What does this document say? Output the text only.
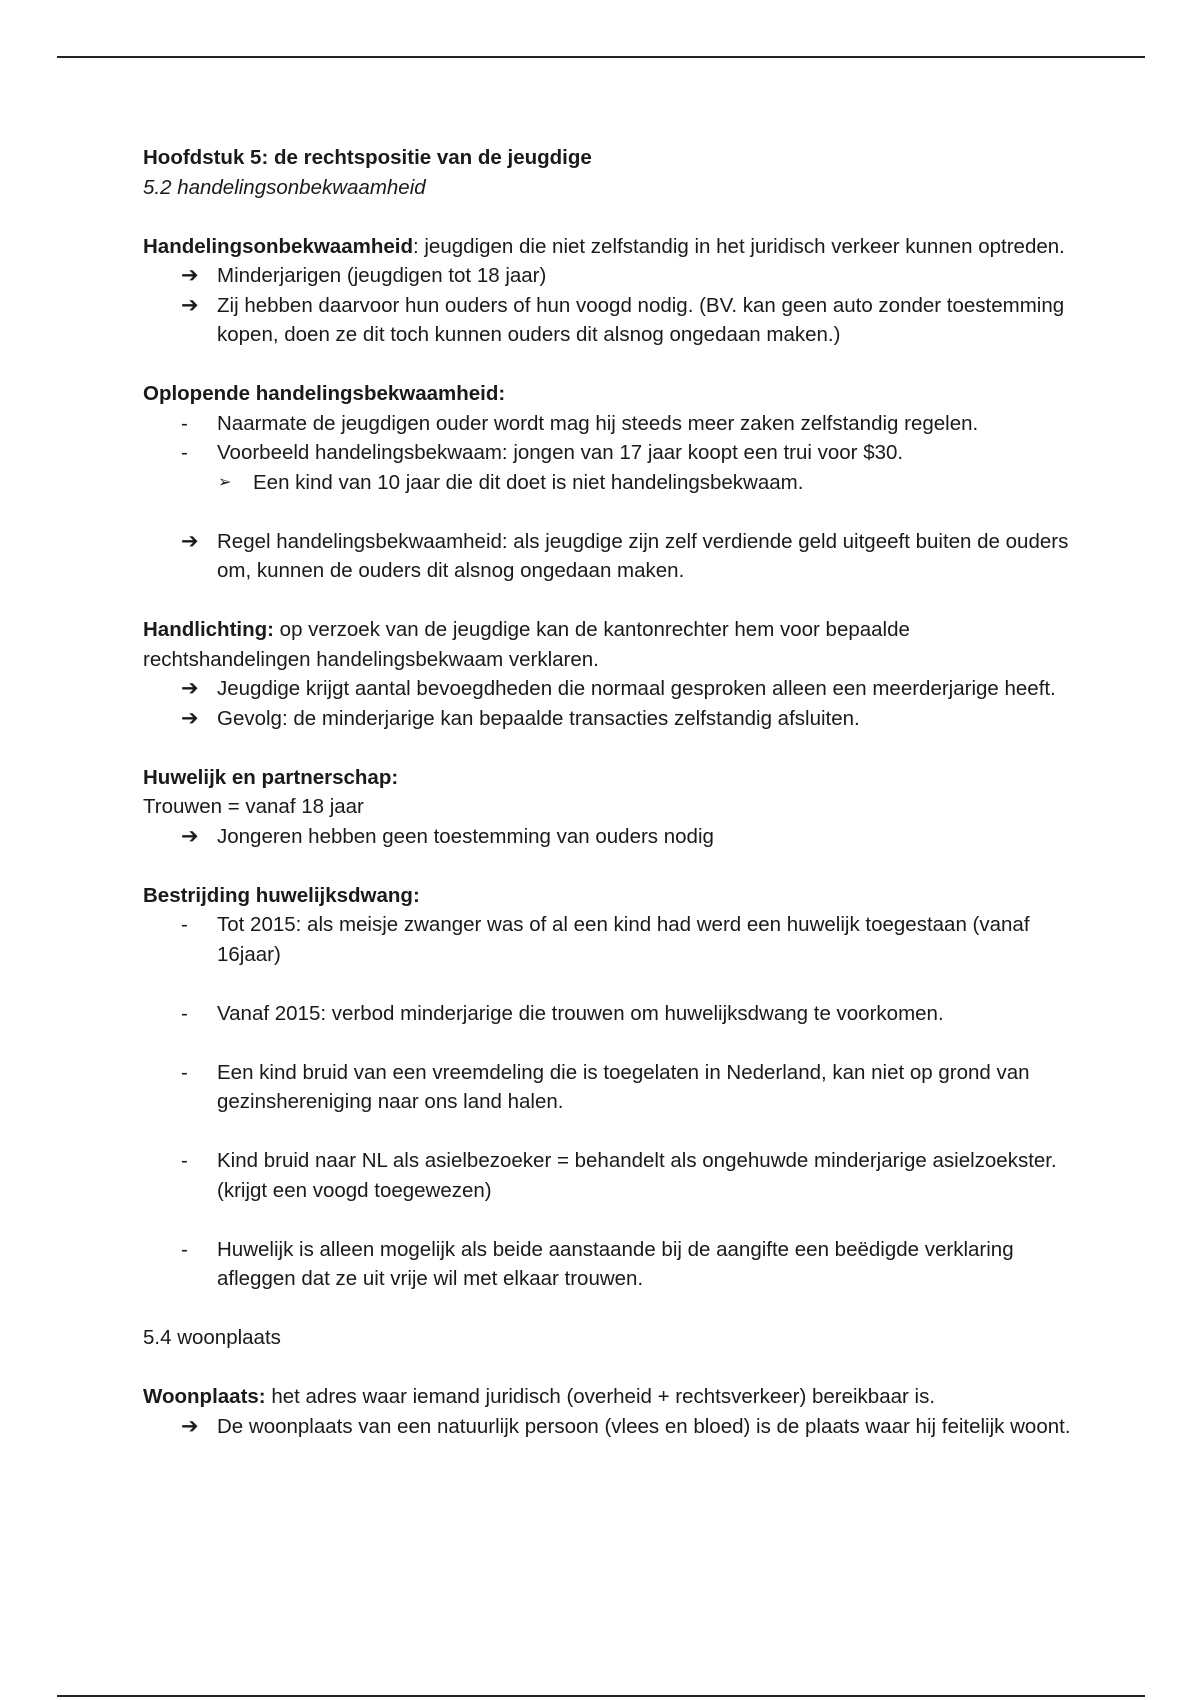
Hoofdstuk 5: de rechtspositie van de jeugdige

5.2 handelingsonbekwaamheid

Handelingsonbekwaamheid: jeugdigen die niet zelfstandig in het juridisch verkeer kunnen optreden.

➔ Minderjarigen (jeugdigen tot 18 jaar)

➔ Zij hebben daarvoor hun ouders of hun voogd nodig. (BV. kan geen auto zonder toestemming kopen, doen ze dit toch kunnen ouders dit alsnog ongedaan maken.)

Oplopende handelingsbekwaamheid:

-	Naarmate de jeugdigen ouder wordt mag hij steeds meer zaken zelfstandig regelen.

-	Voorbeeld handelingsbekwaam: jongen van 17 jaar koopt een trui voor $30.

➢	Een kind van 10 jaar die dit doet is niet handelingsbekwaam.

➔ Regel handelingsbekwaamheid: als jeugdige zijn zelf verdiende geld uitgeeft buiten de ouders om, kunnen de ouders dit alsnog ongedaan maken.

Handlichting: op verzoek van de jeugdige kan de kantonrechter hem voor bepaalde rechtshandelingen handelingsbekwaam verklaren.

➔ Jeugdige krijgt aantal bevoegdheden die normaal gesproken alleen een meerderjarige heeft.

➔ Gevolg: de minderjarige kan bepaalde transacties zelfstandig afsluiten.

Huwelijk en partnerschap:

Trouwen = vanaf 18 jaar

➔ Jongeren hebben geen toestemming van ouders nodig

Bestrijding huwelijksdwang:

-	Tot 2015: als meisje zwanger was of al een kind had werd een huwelijk toegestaan (vanaf 16jaar)

-	Vanaf 2015: verbod minderjarige die trouwen om huwelijksdwang te voorkomen.

-	Een kind bruid van een vreemdeling die is toegelaten in Nederland, kan niet op grond van gezinshereniging naar ons land halen.

-	Kind bruid naar NL als asielbezoeker = behandelt als ongehuwde minderjarige asielzoekster. (krijgt een voogd toegewezen)

-	Huwelijk is alleen mogelijk als beide aanstaande bij de aangifte een beëdigde verklaring afleggen dat ze uit vrije wil met elkaar trouwen.

5.4 woonplaats

Woonplaats: het adres waar iemand juridisch (overheid + rechtsverkeer) bereikbaar is.

➔ De woonplaats van een natuurlijk persoon (vlees en bloed) is de plaats waar hij feitelijk woont.
